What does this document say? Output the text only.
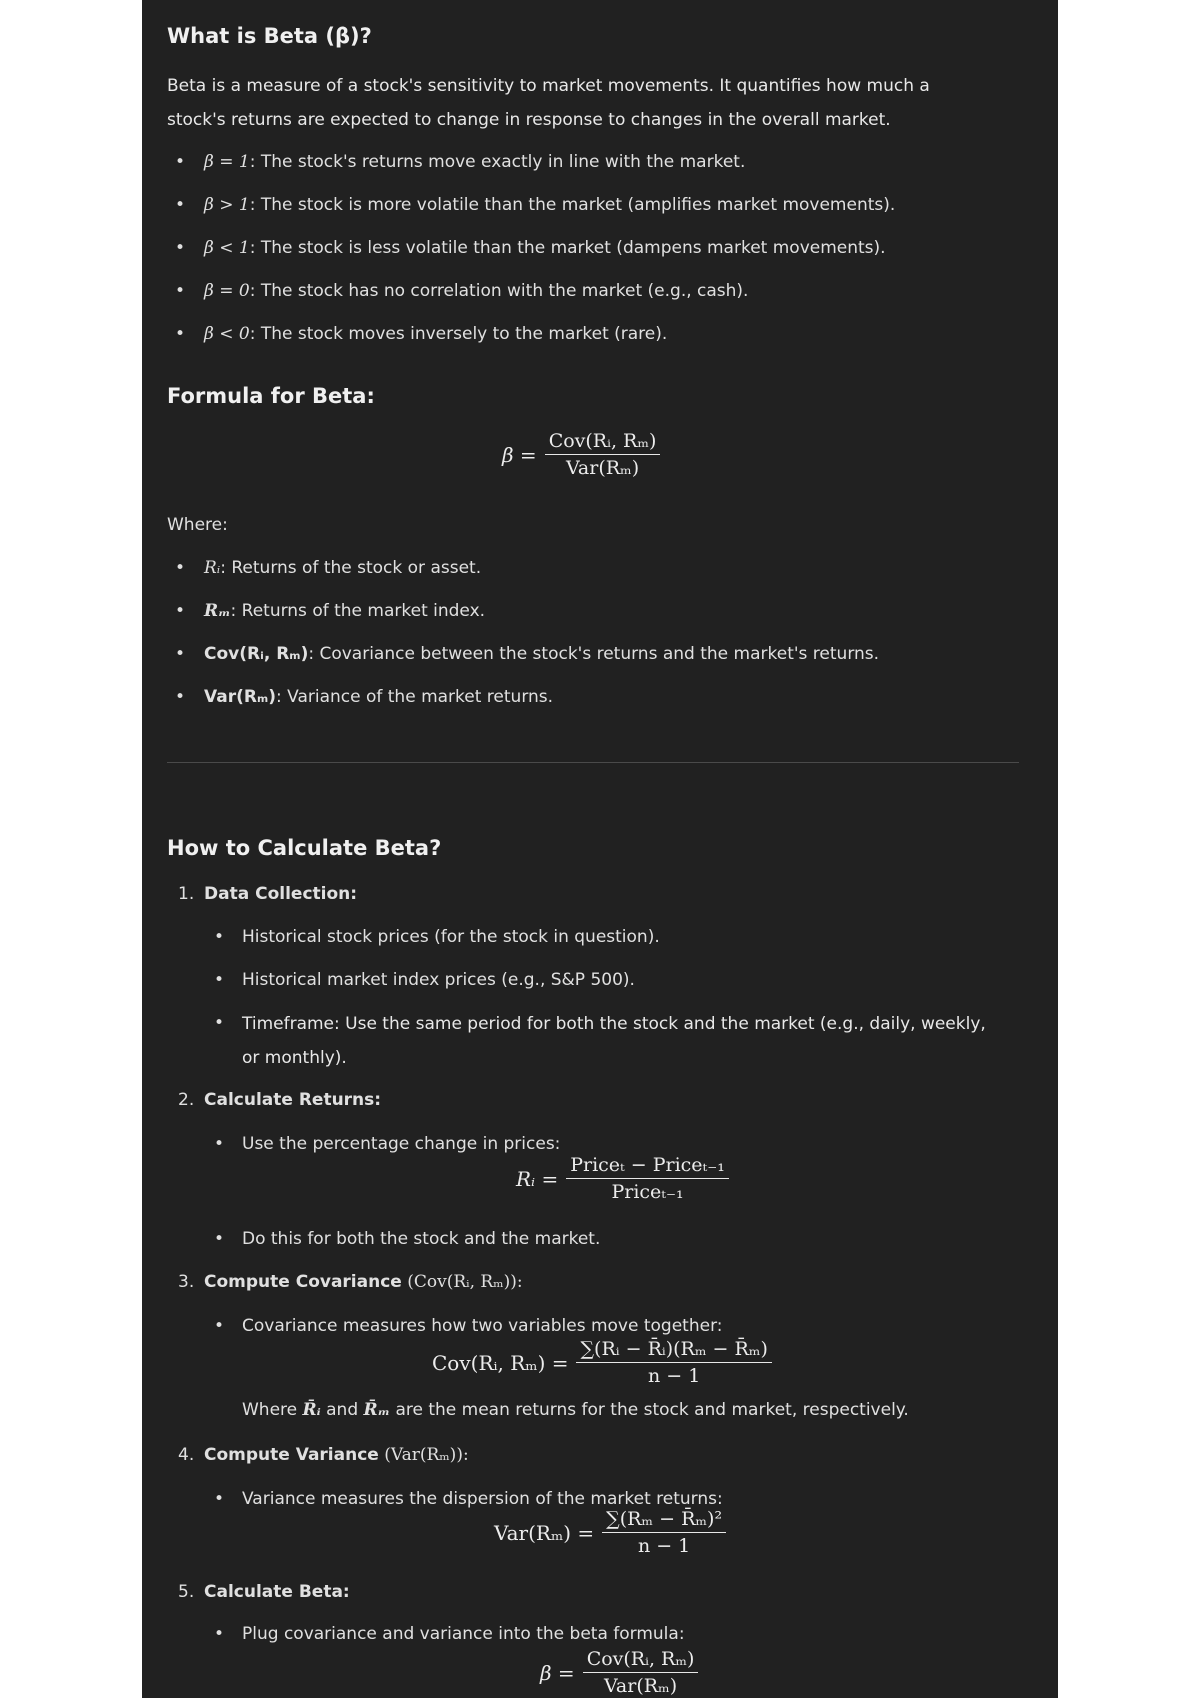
What is Beta (β)?
Beta is a measure of a stock's sensitivity to market movements. It quantifies how much a stock's returns are expected to change in response to changes in the overall market.
• β = 1: The stock's returns move exactly in line with the market.
• β > 1: The stock is more volatile than the market (amplifies market movements).
• β < 1: The stock is less volatile than the market (dampens market movements).
• β = 0: The stock has no correlation with the market (e.g., cash).
• β < 0: The stock moves inversely to the market (rare).
Formula for Beta:
$\beta = \frac{\text{Cov(Rᵢ, Rₘ)}}{\text{Var(Rₘ)}}$
Where:
• Rᵢ: Returns of the stock or asset.
• Rₘ: Returns of the market index.
• Cov(Rᵢ, Rₘ): Covariance between the stock's returns and the market's returns.
• Var(Rₘ): Variance of the market returns.
How to Calculate Beta?
1. Data Collection:
• Historical stock prices (for the stock in question).
• Historical market index prices (e.g., S&P 500).
• Timeframe: Use the same period for both the stock and the market (e.g., daily, weekly, or monthly).
2. Calculate Returns:
• Use the percentage change in prices:
Rᵢ = $\frac{\text{Priceₜ − Priceₜ₋₁}}{\text{Priceₜ₋₁}}$
• Do this for both the stock and the market.
3. Compute Covariance (Cov(Rᵢ, Rₘ)):
• Covariance measures how two variables move together:
Cov(Rᵢ, $R_m) = \frac{\text{∑(Rᵢ − R̄ᵢ)(Rₘ − R̄ₘ)}}{n - 1}$
Where R̄ᵢ and R̄ₘ are the mean returns for the stock and market, respectively.
4. Compute Variance (Var(Rₘ)):
• Variance measures the dispersion of the market returns:
$Var(R_m) = \frac{\text{∑(Rₘ − R̄ₘ)²}}{n - 1}$
5. Calculate Beta:
• Plug covariance and variance into the beta formula:
$\beta = \frac{\text{Cov(Rᵢ, Rₘ)}}{\text{Var(Rₘ)}}$
